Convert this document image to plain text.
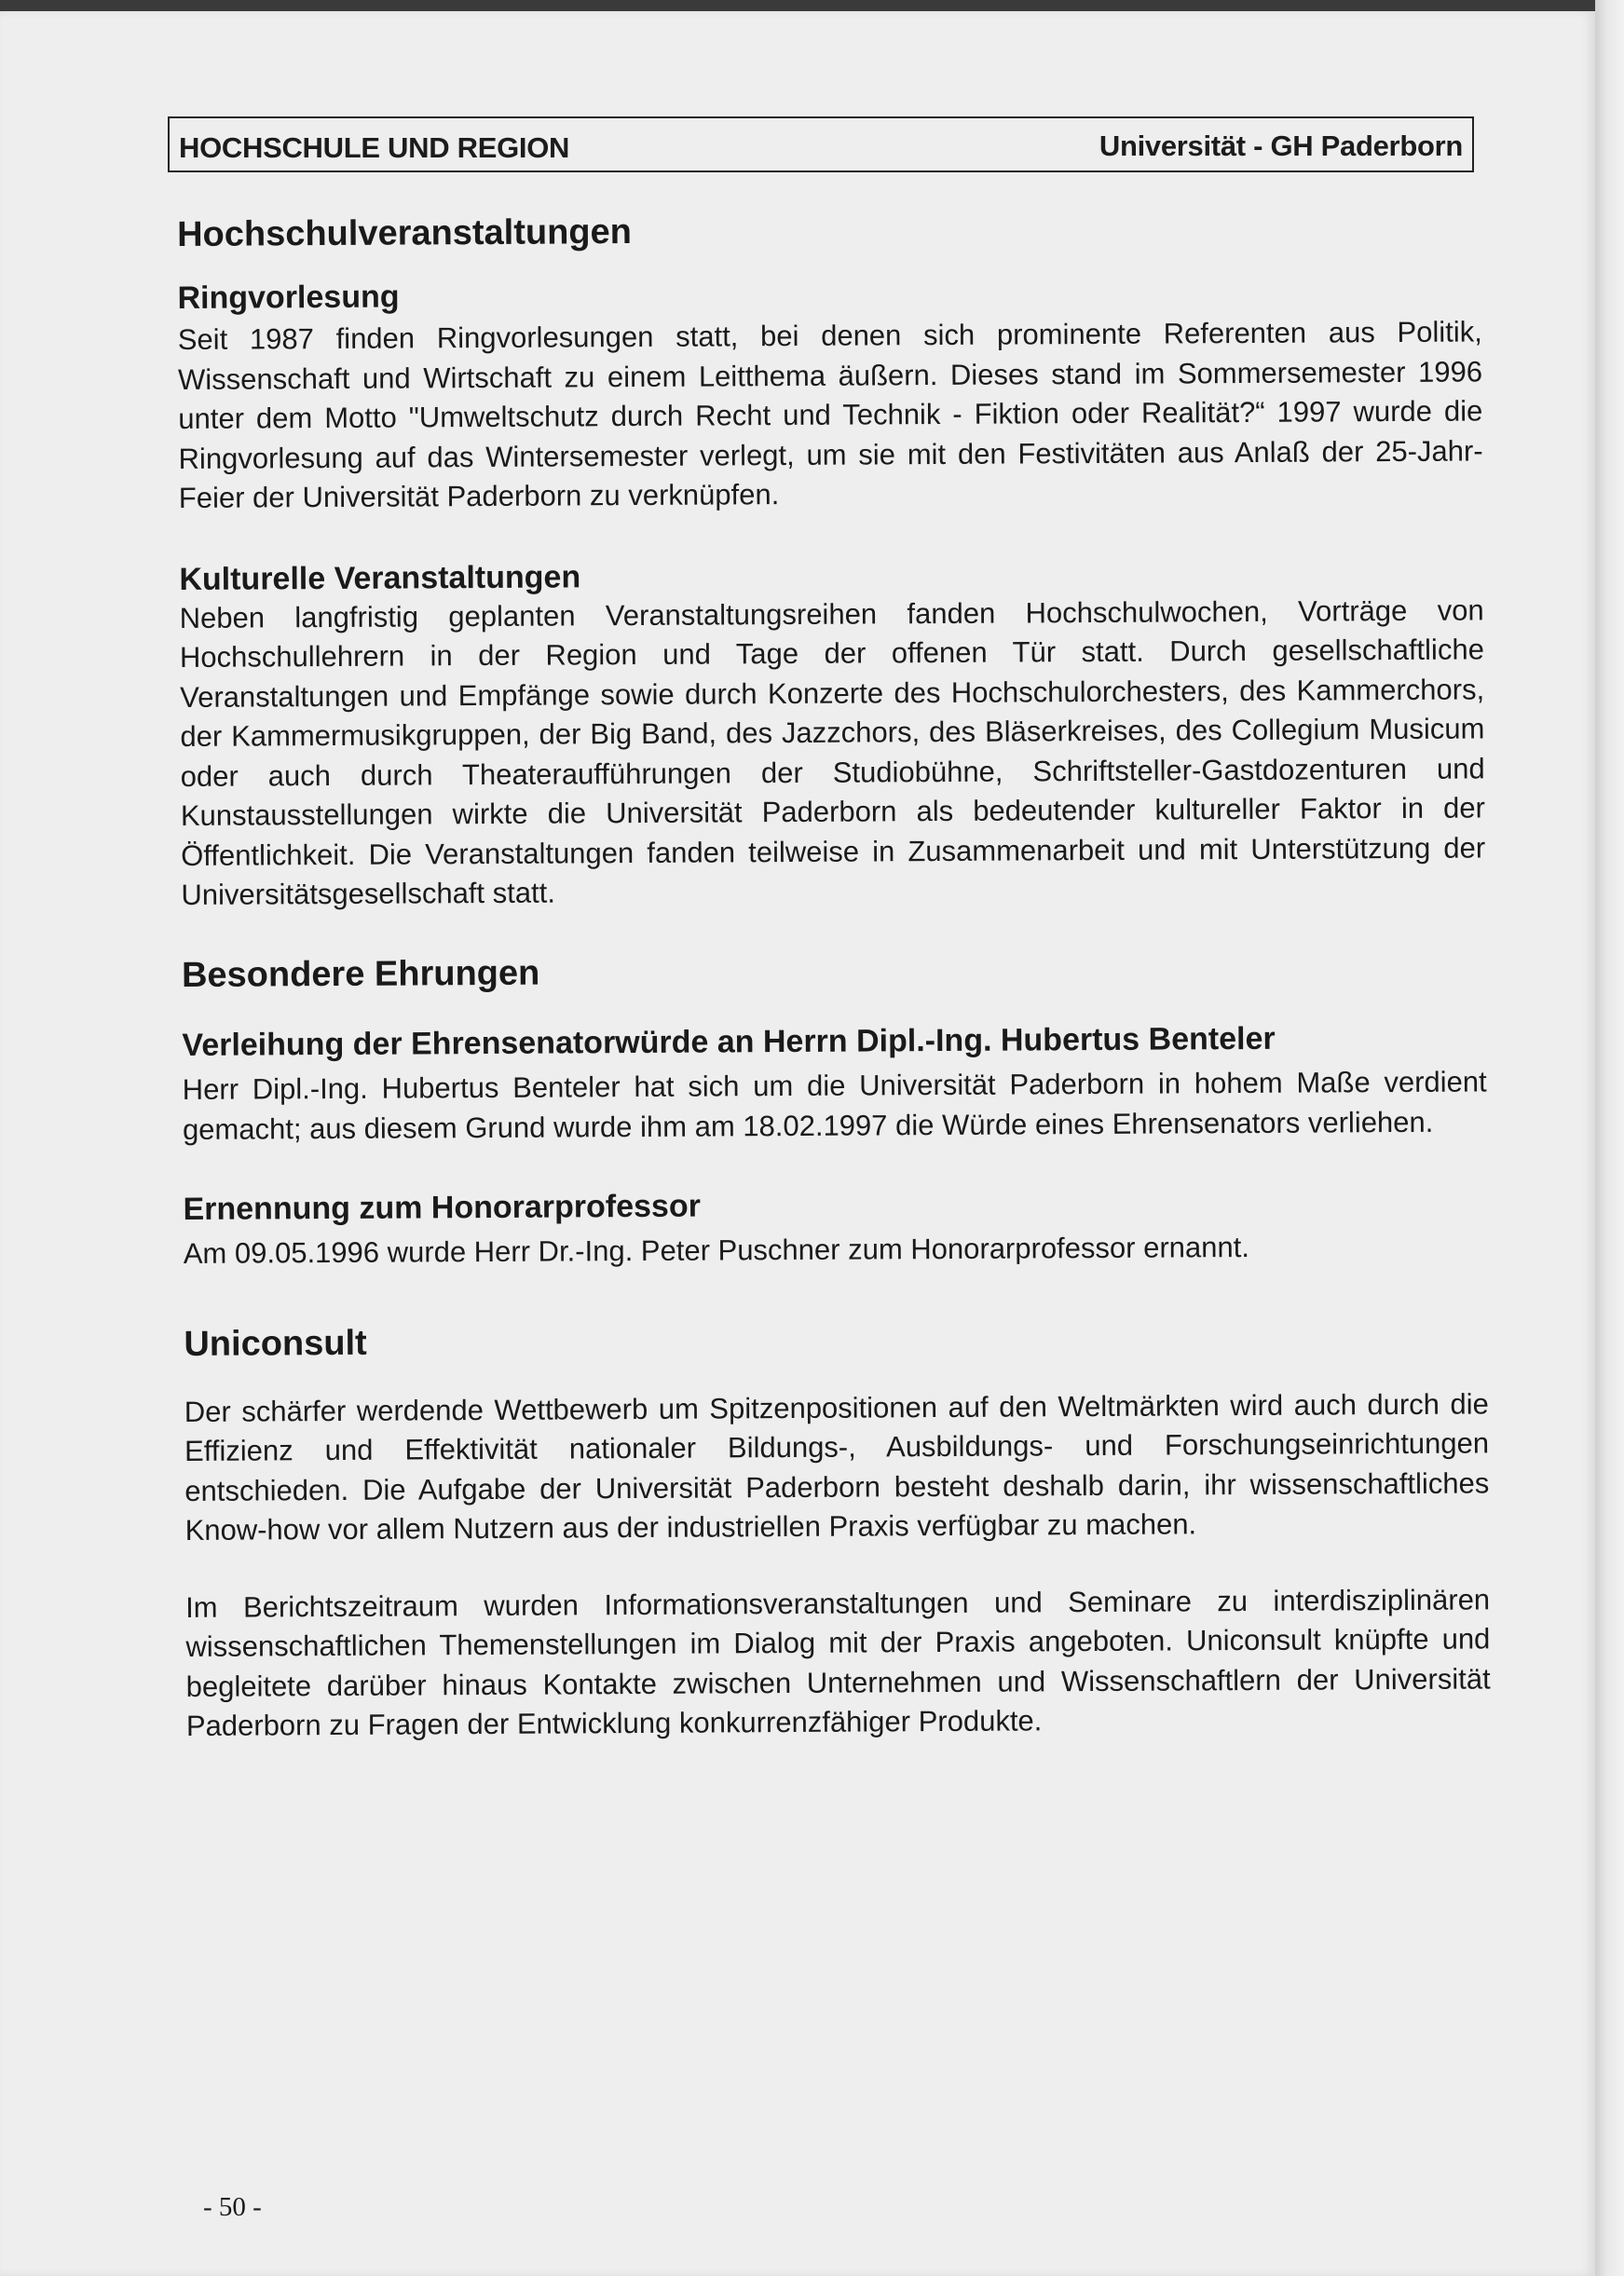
HOCHSCHULE UND REGION	Universität - GH Paderborn
Hochschulveranstaltungen
Ringvorlesung

Seit 1987 finden Ringvorlesungen statt, bei denen sich prominente Referenten aus Politik, Wissenschaft und Wirtschaft zu einem Leitthema äußern. Dieses stand im Sommersemester 1996 unter dem Motto "Umweltschutz durch Recht und Technik - Fiktion oder Realität?“ 1997 wurde die Ringvorlesung auf das Wintersemester verlegt, um sie mit den Festivitäten aus Anlaß der 25-Jahr-Feier der Universität Paderborn zu verknüpfen.

Kulturelle Veranstaltungen

Neben langfristig geplanten Veranstaltungsreihen fanden Hochschulwochen, Vorträge von Hochschullehrern in der Region und Tage der offenen Tür statt. Durch gesellschaftliche Veranstaltungen und Empfänge sowie durch Konzerte des Hochschulorchesters, des Kammerchors, der Kammermusikgruppen, der Big Band, des Jazzchors, des Bläserkreises, des Collegium Musicum oder auch durch Theateraufführungen der Studiobühne, Schriftsteller-Gastdozenturen und Kunstausstellungen wirkte die Universität Paderborn als bedeutender kultureller Faktor in der Öffentlichkeit. Die Veranstaltungen fanden teilweise in Zusammenarbeit und mit Unterstützung der Universitätsgesellschaft statt.

Besondere Ehrungen
Verleihung der Ehrensenatorwürde an Herrn Dipl.-Ing. Hubertus Benteler

Herr Dipl.-Ing. Hubertus Benteler hat sich um die Universität Paderborn in hohem Maße verdient gemacht; aus diesem Grund wurde ihm am 18.02.1997 die Würde eines Ehrensenators verliehen.

Ernennung zum Honorarprofessor

Am 09.05.1996 wurde Herr Dr.-Ing. Peter Puschner zum Honorarprofessor ernannt.

Uniconsult

Der schärfer werdende Wettbewerb um Spitzenpositionen auf den Weltmärkten wird auch durch die Effizienz und Effektivität nationaler Bildungs-, Ausbildungs- und Forschungseinrichtungen entschieden. Die Aufgabe der Universität Paderborn besteht deshalb darin, ihr wissenschaftliches Know-how vor allem Nutzern aus der industriellen Praxis verfügbar zu machen.

Im Berichtszeitraum wurden Informationsveranstaltungen und Seminare zu interdisziplinären wissenschaftlichen Themenstellungen im Dialog mit der Praxis angeboten. Uniconsult knüpfte und begleitete darüber hinaus Kontakte zwischen Unternehmen und Wissenschaftlern der Universität Paderborn zu Fragen der Entwicklung konkurrenzfähiger Produkte.

- 50 -
